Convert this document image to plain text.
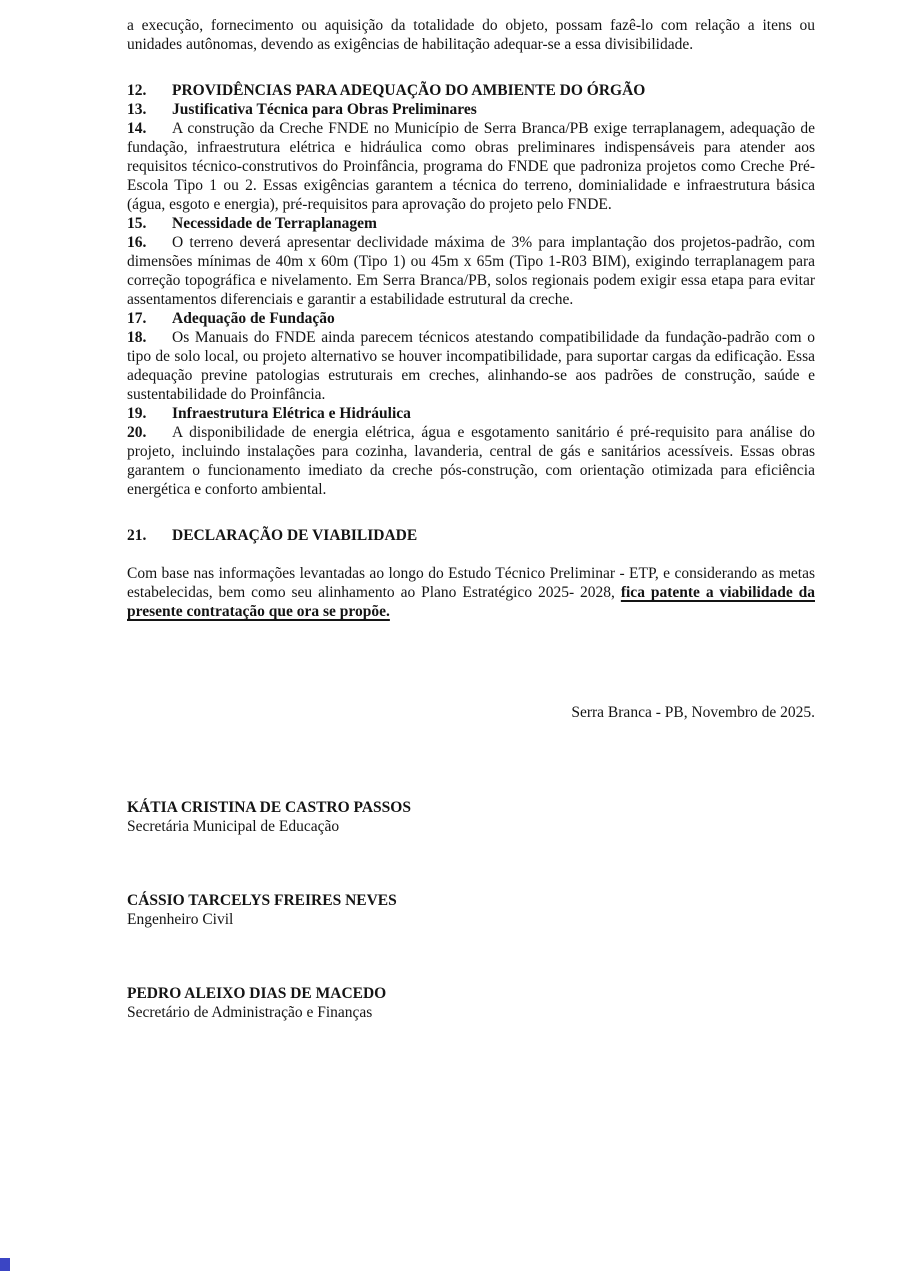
a execução, fornecimento ou aquisição da totalidade do objeto, possam fazê-lo com relação a itens ou unidades autônomas, devendo as exigências de habilitação adequar-se a essa divisibilidade.

12. PROVIDÊNCIAS PARA ADEQUAÇÃO DO AMBIENTE DO ÓRGÃO
13. Justificativa Técnica para Obras Preliminares

14. A construção da Creche FNDE no Município de Serra Branca/PB exige terraplanagem, adequação de fundação, infraestrutura elétrica e hidráulica como obras preliminares indispensáveis para atender aos requisitos técnico-construtivos do Proinfância, programa do FNDE que padroniza projetos como Creche Pré-Escola Tipo 1 ou 2. Essas exigências garantem a técnica do terreno, dominialidade e infraestrutura básica (água, esgoto e energia), pré-requisitos para aprovação do projeto pelo FNDE.

15. Necessidade de Terraplanagem

16. O terreno deverá apresentar declividade máxima de 3% para implantação dos projetos-padrão, com dimensões mínimas de 40m x 60m (Tipo 1) ou 45m x 65m (Tipo 1-R03 BIM), exigindo terraplanagem para correção topográfica e nivelamento. Em Serra Branca/PB, solos regionais podem exigir essa etapa para evitar assentamentos diferenciais e garantir a estabilidade estrutural da creche.

17. Adequação de Fundação

18. Os Manuais do FNDE ainda parecem técnicos atestando compatibilidade da fundação-padrão com o tipo de solo local, ou projeto alternativo se houver incompatibilidade, para suportar cargas da edificação. Essa adequação previne patologias estruturais em creches, alinhando-se aos padrões de construção, saúde e sustentabilidade do Proinfância.

19. Infraestrutura Elétrica e Hidráulica

20. A disponibilidade de energia elétrica, água e esgotamento sanitário é pré-requisito para análise do projeto, incluindo instalações para cozinha, lavanderia, central de gás e sanitários acessíveis. Essas obras garantem o funcionamento imediato da creche pós-construção, com orientação otimizada para eficiência energética e conforto ambiental.

21. DECLARAÇÃO DE VIABILIDADE

Com base nas informações levantadas ao longo do Estudo Técnico Preliminar - ETP, e considerando as metas estabelecidas, bem como seu alinhamento ao Plano Estratégico 2025- 2028, fica patente a viabilidade da presente contratação que ora se propõe.

Serra Branca - PB, Novembro de 2025.

KÁTIA CRISTINA DE CASTRO PASSOS
Secretária Municipal de Educação
CÁSSIO TARCELYS FREIRES NEVES
Engenheiro Civil
PEDRO ALEIXO DIAS DE MACEDO
Secretário de Administração e Finanças
